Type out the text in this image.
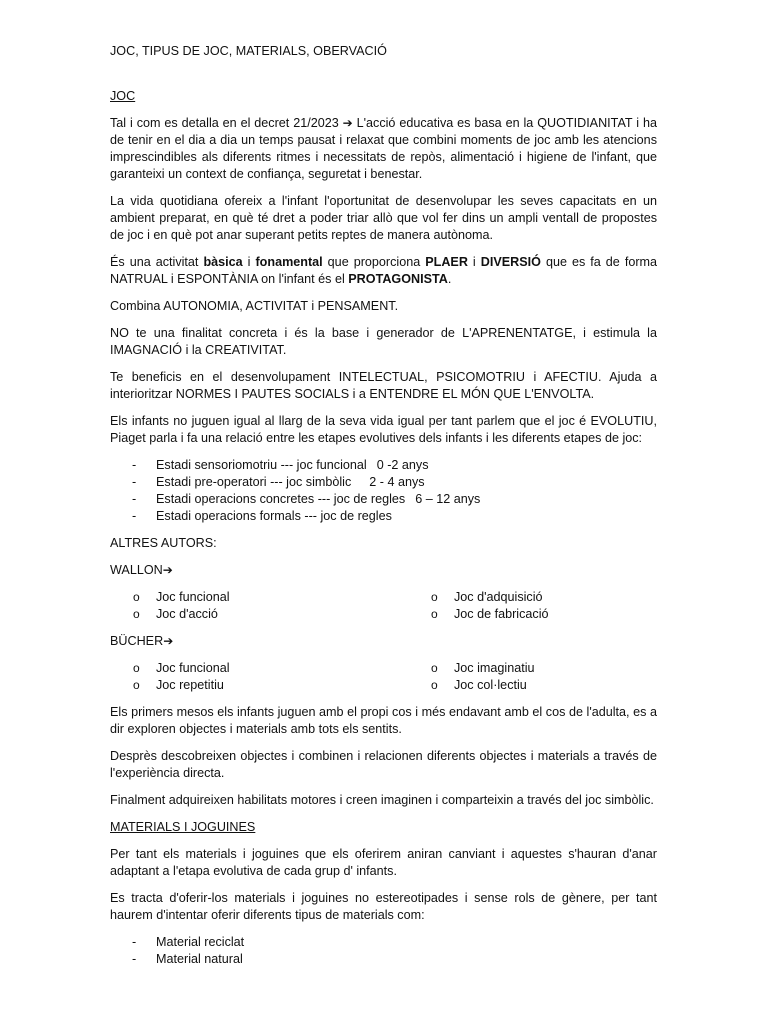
JOC, TIPUS DE JOC, MATERIALS, OBERVACIÓ

JOC

Tal i com es detalla en el decret 21/2023 ➔ L'acció educativa es basa en la QUOTIDIANITAT i ha de tenir en el dia a dia un temps pausat i relaxat que combini moments de joc amb les atencions imprescindibles als diferents ritmes i necessitats de repòs, alimentació i higiene de l'infant, que garanteixi un context de confiança, seguretat i benestar.

La vida quotidiana ofereix a l'infant l'oportunitat de desenvolupar les seves capacitats en un ambient preparat, en què té dret a poder triar allò que vol fer dins un ampli ventall de propostes de joc i en què pot anar superant petits reptes de manera autònoma.

És una activitat bàsica i fonamental que proporciona PLAER i DIVERSIÓ que es fa de forma NATRUAL i ESPONTÀNIA on l'infant és el PROTAGONISTA.

Combina AUTONOMIA, ACTIVITAT i PENSAMENT.

NO te una finalitat concreta i és la base i generador de L'APRENENTATGE, i estimula la IMAGNACIÓ i la CREATIVITAT.

Te beneficis en el desenvolupament INTELECTUAL, PSICOMOTRIU i AFECTIU. Ajuda a interioritzar NORMES I PAUTES SOCIALS i a ENTENDRE EL MÓN QUE L'ENVOLTA.

Els infants no juguen igual al llarg de la seva vida igual per tant parlem que el joc é EVOLUTIU, Piaget parla i fa una relació entre les etapes evolutives dels infants i les diferents etapes de joc:

- Estadi sensoriomotriu --- joc funcional 0 -2 anys
- Estadi pre-operatori --- joc simbòlic 2 - 4 anys
- Estadi operacions concretes --- joc de regles 6 – 12 anys
- Estadi operacions formals --- joc de regles

ALTRES AUTORS:

WALLON➔

o Joc funcional	o Joc d'adquisició
o Joc d'acció	o Joc de fabricació

BÜCHER➔

o Joc funcional	o Joc imaginatiu
o Joc repetitiu	o Joc col·lectiu

Els primers mesos els infants juguen amb el propi cos i més endavant amb el cos de l'adulta, es a dir exploren objectes i materials amb tots els sentits.

Desprès descobreixen objectes i combinen i relacionen diferents objectes i materials a través de l'experiència directa.

Finalment adquireixen habilitats motores i creen imaginen i comparteixin a través del joc simbòlic.

MATERIALS I JOGUINES

Per tant els materials i joguines que els oferirem aniran canviant i aquestes s'hauran d'anar adaptant a l'etapa evolutiva de cada grup d' infants.

Es tracta d'oferir-los materials i joguines no estereotipades i sense rols de gènere, per tant haurem d'intentar oferir diferents tipus de materials com:

- Material reciclat
- Material natural
